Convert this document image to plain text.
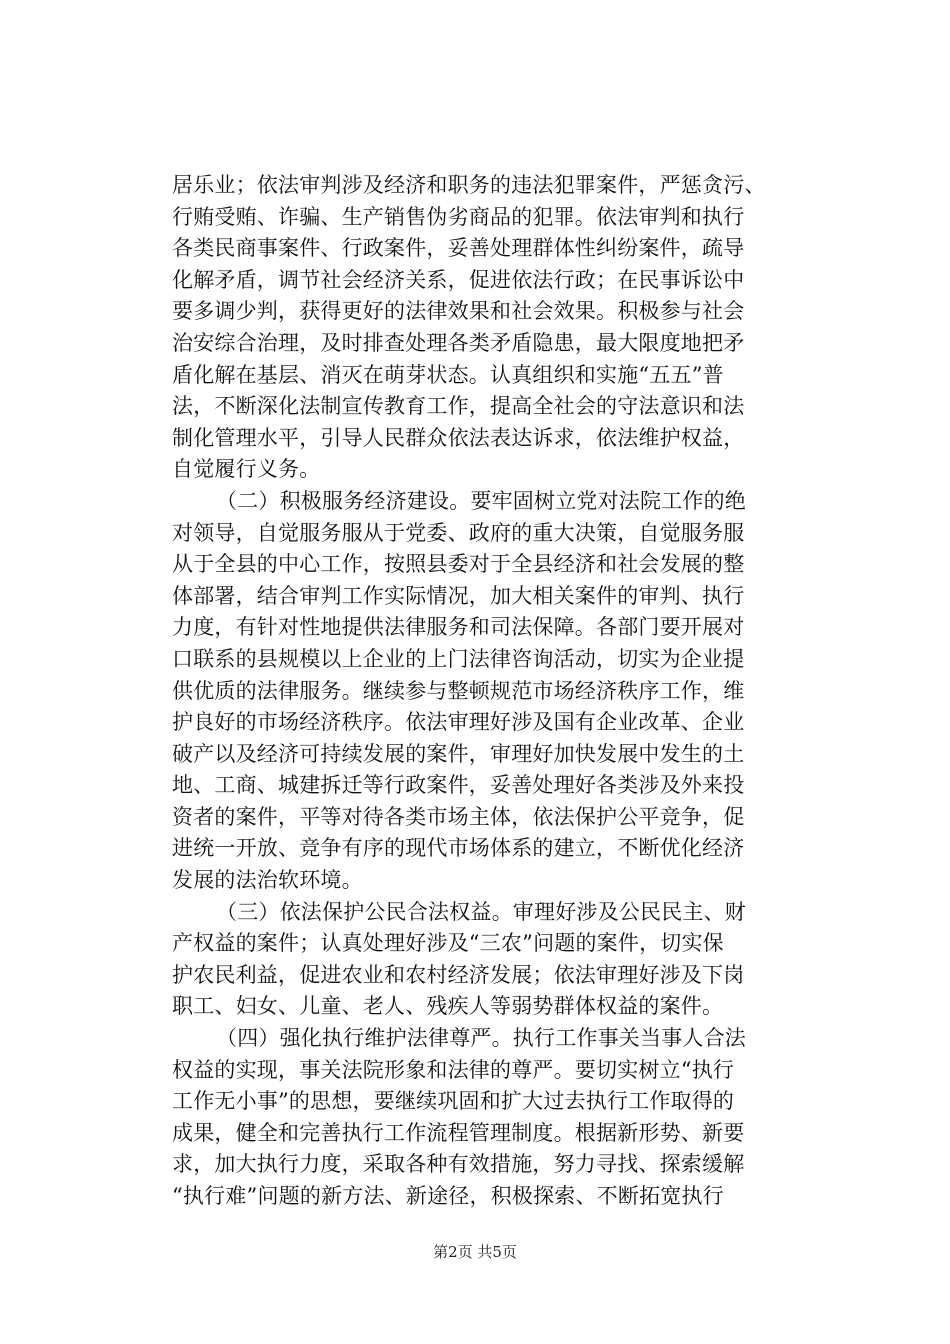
居乐业；依法审判涉及经济和职务的违法犯罪案件，严惩贪污、
行贿受贿、诈骗、生产销售伪劣商品的犯罪。依法审判和执行
各类民商事案件、行政案件，妥善处理群体性纠纷案件，疏导
化解矛盾，调节社会经济关系，促进依法行政；在民事诉讼中
要多调少判，获得更好的法律效果和社会效果。积极参与社会
治安综合治理，及时排查处理各类矛盾隐患，最大限度地把矛
盾化解在基层、消灭在萌芽状态。认真组织和实施“五五”普
法，不断深化法制宣传教育工作，提高全社会的守法意识和法
制化管理水平，引导人民群众依法表达诉求，依法维护权益，
自觉履行义务。
（二）积极服务经济建设。要牢固树立党对法院工作的绝
对领导，自觉服务服从于党委、政府的重大决策，自觉服务服
从于全县的中心工作，按照县委对于全县经济和社会发展的整
体部署，结合审判工作实际情况，加大相关案件的审判、执行
力度，有针对性地提供法律服务和司法保障。各部门要开展对
口联系的县规模以上企业的上门法律咨询活动，切实为企业提
供优质的法律服务。继续参与整顿规范市场经济秩序工作，维
护良好的市场经济秩序。依法审理好涉及国有企业改革、企业
破产以及经济可持续发展的案件，审理好加快发展中发生的土
地、工商、城建拆迁等行政案件，妥善处理好各类涉及外来投
资者的案件，平等对待各类市场主体，依法保护公平竞争，促
进统一开放、竞争有序的现代市场体系的建立，不断优化经济
发展的法治软环境。
（三）依法保护公民合法权益。审理好涉及公民民主、财
产权益的案件；认真处理好涉及“三农”问题的案件，切实保
护农民利益，促进农业和农村经济发展；依法审理好涉及下岗
职工、妇女、儿童、老人、残疾人等弱势群体权益的案件。
（四）强化执行维护法律尊严。执行工作事关当事人合法
权益的实现，事关法院形象和法律的尊严。要切实树立“执行
工作无小事”的思想，要继续巩固和扩大过去执行工作取得的
成果，健全和完善执行工作流程管理制度。根据新形势、新要
求，加大执行力度，采取各种有效措施，努力寻找、探索缓解
“执行难”问题的新方法、新途径，积极探索、不断拓宽执行
第2页 共5页
